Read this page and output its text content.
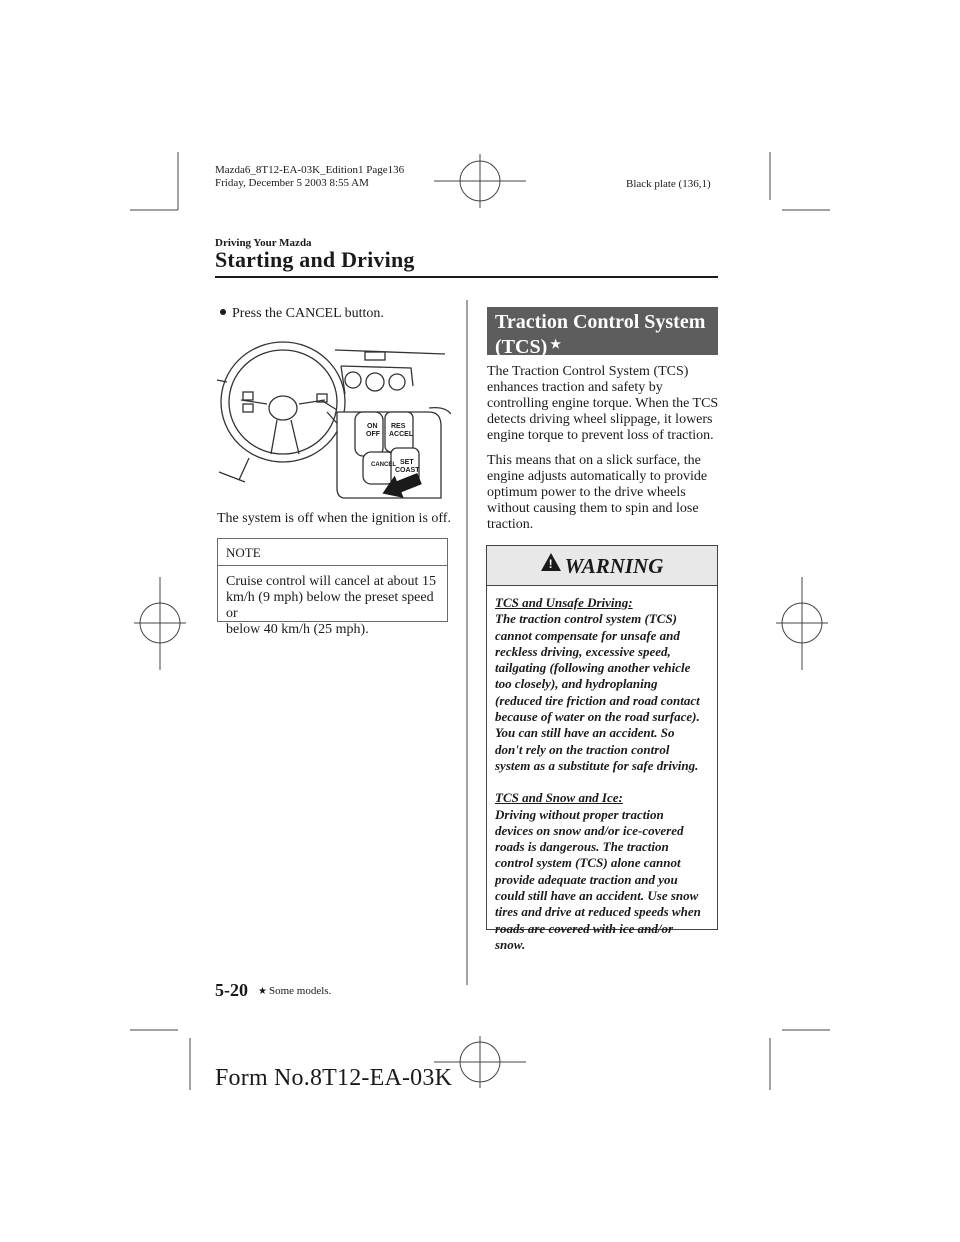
Mazda6_8T12-EA-03K_Edition1 Page136
Friday, December 5 2003 8:55 AM	Black plate (136,1)
Driving Your Mazda
Starting and Driving
Press the CANCEL button.
ON
OFF
RES
ACCEL
CANCEL SET
COAST
The system is off when the ignition is off.
NOTE
Cruise control will cancel at about 15
km/h (9 mph) below the preset speed or
below 40 km/h (25 mph).
Traction Control System
(TCS) ★
The Traction Control System (TCS)
enhances traction and safety by
controlling engine torque. When the TCS
detects driving wheel slippage, it lowers
engine torque to prevent loss of traction.
This means that on a slick surface, the
engine adjusts automatically to provide
optimum power to the drive wheels
without causing them to spin and lose
traction.
! WARNING
TCS and Unsafe Driving:
The traction control system (TCS)
cannot compensate for unsafe and
reckless driving, excessive speed,
tailgating (following another vehicle
too closely), and hydroplaning
(reduced tire friction and road contact
because of water on the road surface).
You can still have an accident. So
don't rely on the traction control
system as a substitute for safe driving.
TCS and Snow and Ice:
Driving without proper traction
devices on snow and/or ice-covered
roads is dangerous. The traction
control system (TCS) alone cannot
provide adequate traction and you
could still have an accident. Use snow
tires and drive at reduced speeds when
roads are covered with ice and/or
snow.
5-20 ★ Some models.
Form No.8T12-EA-03K
